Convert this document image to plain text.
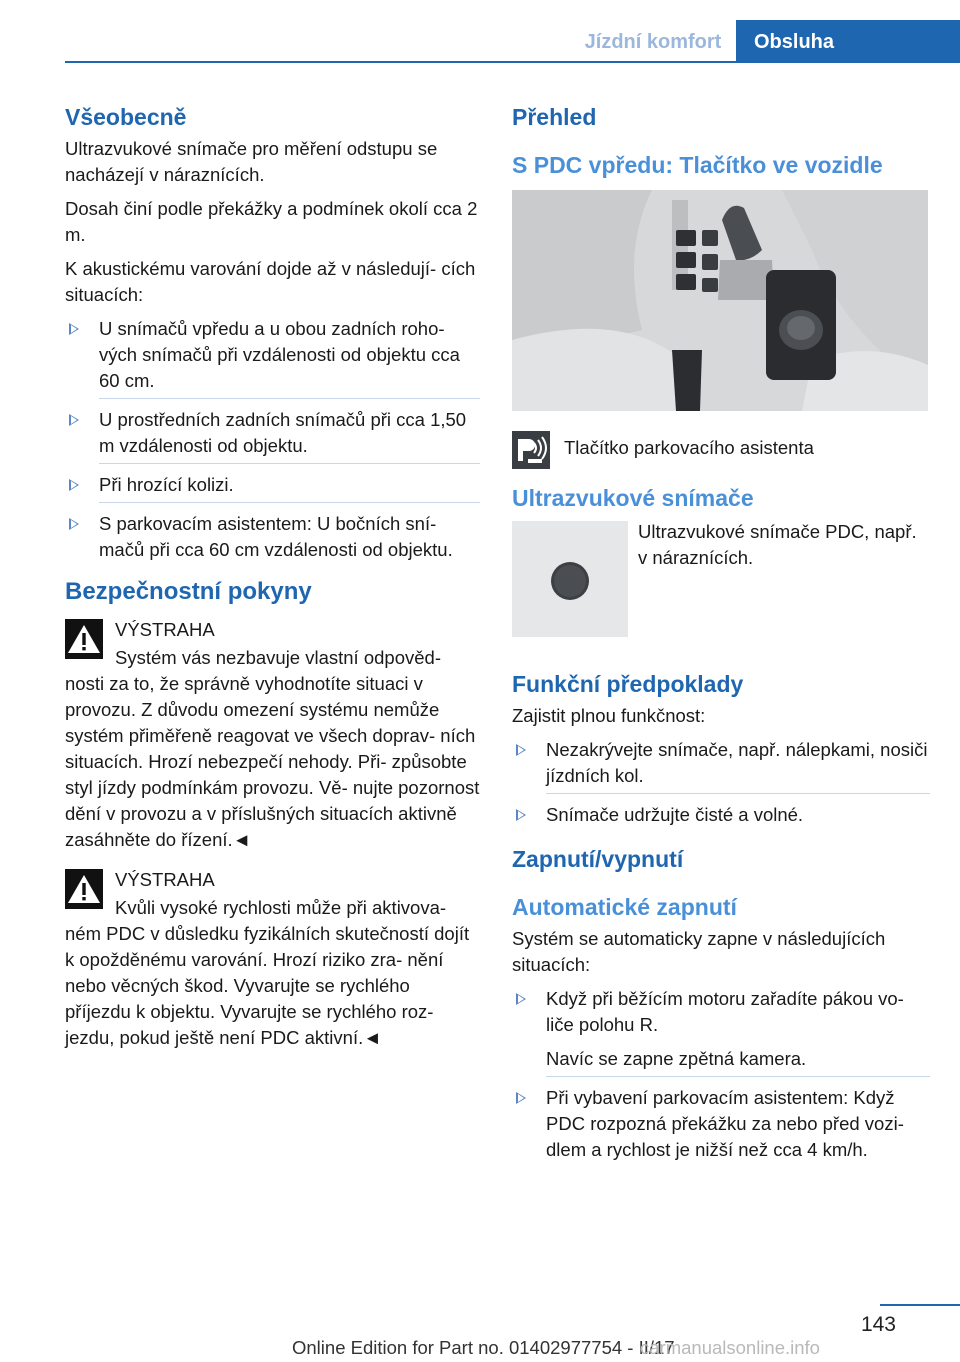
Jízdní komfort	Obsluha
Všeobecně

Ultrazvukové snímače pro měření odstupu se nacházejí v náraznících.

Dosah činí podle překážky a podmínek okolí cca 2 m.

K akustickému varování dojde až v následují‐ cích situacích:

U snímačů vpředu a u obou zadních roho‐ vých snímačů při vzdálenosti od objektu cca 60 cm.

U prostředních zadních snímačů při cca 1,50 m vzdálenosti od objektu.

Při hrozící kolizi.

S parkovacím asistentem: U bočních sní‐ mačů při cca 60 cm vzdálenosti od objektu.

Bezpečnostní pokyny

VÝSTRAHA

Systém vás nezbavuje vlastní odpověd‐ nosti za to, že správně vyhodnotíte situaci v provozu. Z důvodu omezení systému nemůže systém přiměřeně reagovat ve všech doprav‐ ních situacích. Hrozí nebezpečí nehody. Při‐ způsobte styl jízdy podmínkám provozu. Vě‐ nujte pozornost dění v provozu a v příslušných situacích aktivně zasáhněte do řízení.◄

VÝSTRAHA

Kvůli vysoké rychlosti může při aktivova‐ ném PDC v důsledku fyzikálních skutečností dojít k opožděnému varování. Hrozí riziko zra‐ nění nebo věcných škod. Vyvarujte se rychlého příjezdu k objektu. Vyvarujte se rychlého roz‐ jezdu, pokud ještě není PDC aktivní.◄

Přehled
S PDC vpředu: Tlačítko ve vozidle

Tlačítko parkovacího asistenta

Ultrazvukové snímače

Ultrazvukové snímače PDC, např. v náraznících.

Funkční předpoklady

Zajistit plnou funkčnost:

Nezakrývejte snímače, např. nálepkami, nosiči jízdních kol.

Snímače udržujte čisté a volné.

Zapnutí/vypnutí
Automatické zapnutí

Systém se automaticky zapne v následujících situacích:

Když při běžícím motoru zařadíte pákou vo‐ liče polohu R.

Navíc se zapne zpětná kamera.

Při vybavení parkovacím asistentem: Když PDC rozpozná překážku za nebo před vozi‐ dlem a rychlost je nižší než cca 4 km/h.

143
Online Edition for Part no. 01402977754 - II/17
carmanualsonline.info
